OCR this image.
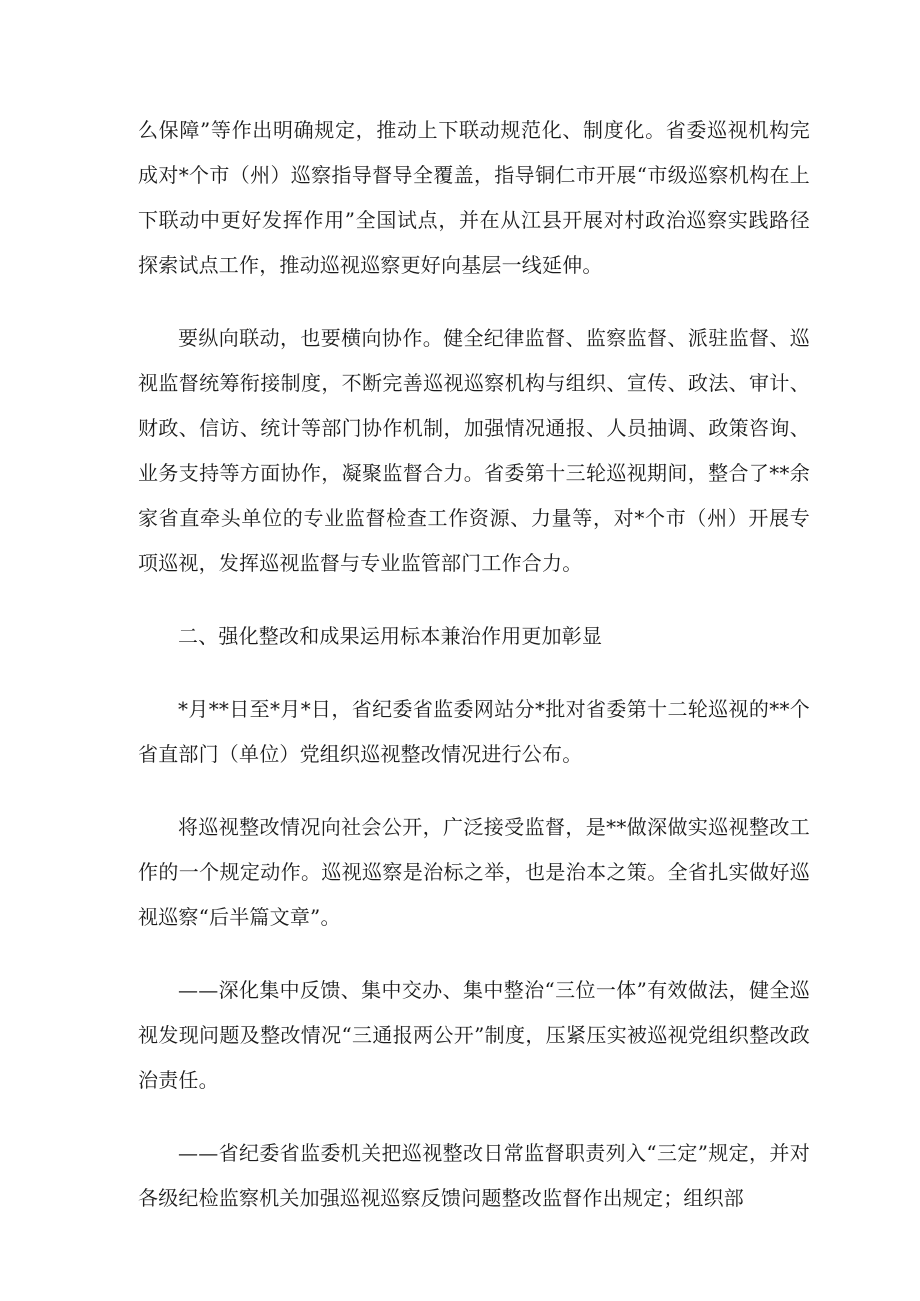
么保障”等作出明确规定，推动上下联动规范化、制度化。省委巡视机构完成对*个市（州）巡察指导督导全覆盖，指导铜仁市开展“市级巡察机构在上下联动中更好发挥作用”全国试点，并在从江县开展对村政治巡察实践路径探索试点工作，推动巡视巡察更好向基层一线延伸。

要纵向联动，也要横向协作。健全纪律监督、监察监督、派驻监督、巡视监督统筹衔接制度，不断完善巡视巡察机构与组织、宣传、政法、审计、财政、信访、统计等部门协作机制，加强情况通报、人员抽调、政策咨询、业务支持等方面协作，凝聚监督合力。省委第十三轮巡视期间，整合了**余家省直牵头单位的专业监督检查工作资源、力量等，对*个市（州）开展专项巡视，发挥巡视监督与专业监管部门工作合力。

二、强化整改和成果运用标本兼治作用更加彰显

*月**日至*月*日，省纪委省监委网站分*批对省委第十二轮巡视的**个省直部门（单位）党组织巡视整改情况进行公布。

将巡视整改情况向社会公开，广泛接受监督，是**做深做实巡视整改工作的一个规定动作。巡视巡察是治标之举，也是治本之策。全省扎实做好巡视巡察“后半篇文章”。

——深化集中反馈、集中交办、集中整治“三位一体”有效做法，健全巡视发现问题及整改情况“三通报两公开”制度，压紧压实被巡视党组织整改政治责任。

——省纪委省监委机关把巡视整改日常监督职责列入“三定”规定，并对各级纪检监察机关加强巡视巡察反馈问题整改监督作出规定；组织部
